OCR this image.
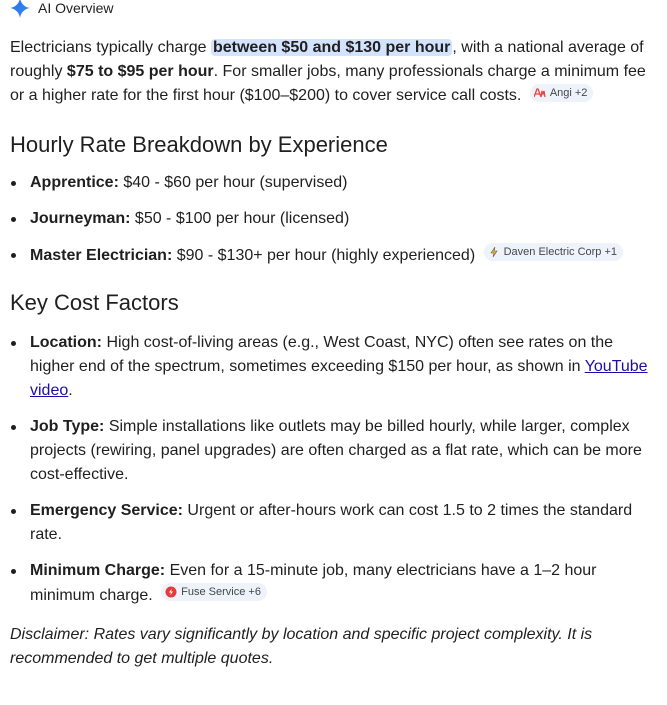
AI Overview
Electricians typically charge between $50 and $130 per hour , with a national average of roughly $75 to $95 per hour. For smaller jobs, many professionals charge a minimum fee or a higher rate for the first hour ($100–$200) to cover service call costs.	Angi +2
Hourly Rate Breakdown by Experience
Apprentice: $40 - $60 per hour (supervised)
Journeyman: $50 - $100 per hour (licensed)
Master Electrician: $90 - $130+ per hour (highly experienced)	Daven Electric Corp +1
Key Cost Factors
Location: High cost-of-living areas (e.g., West Coast, NYC) often see rates on the higher end of the spectrum, sometimes exceeding $150 per hour, as shown in YouTube video.
Job Type: Simple installations like outlets may be billed hourly, while larger, complex projects (rewiring, panel upgrades) are often charged as a flat rate, which can be more cost-effective.
Emergency Service: Urgent or after-hours work can cost 1.5 to 2 times the standard rate.
Minimum Charge: Even for a 15-minute job, many electricians have a 1–2 hour minimum charge. Fuse Service +6
Disclaimer: Rates vary significantly by location and specific project complexity. It is recommended to get multiple quotes.
